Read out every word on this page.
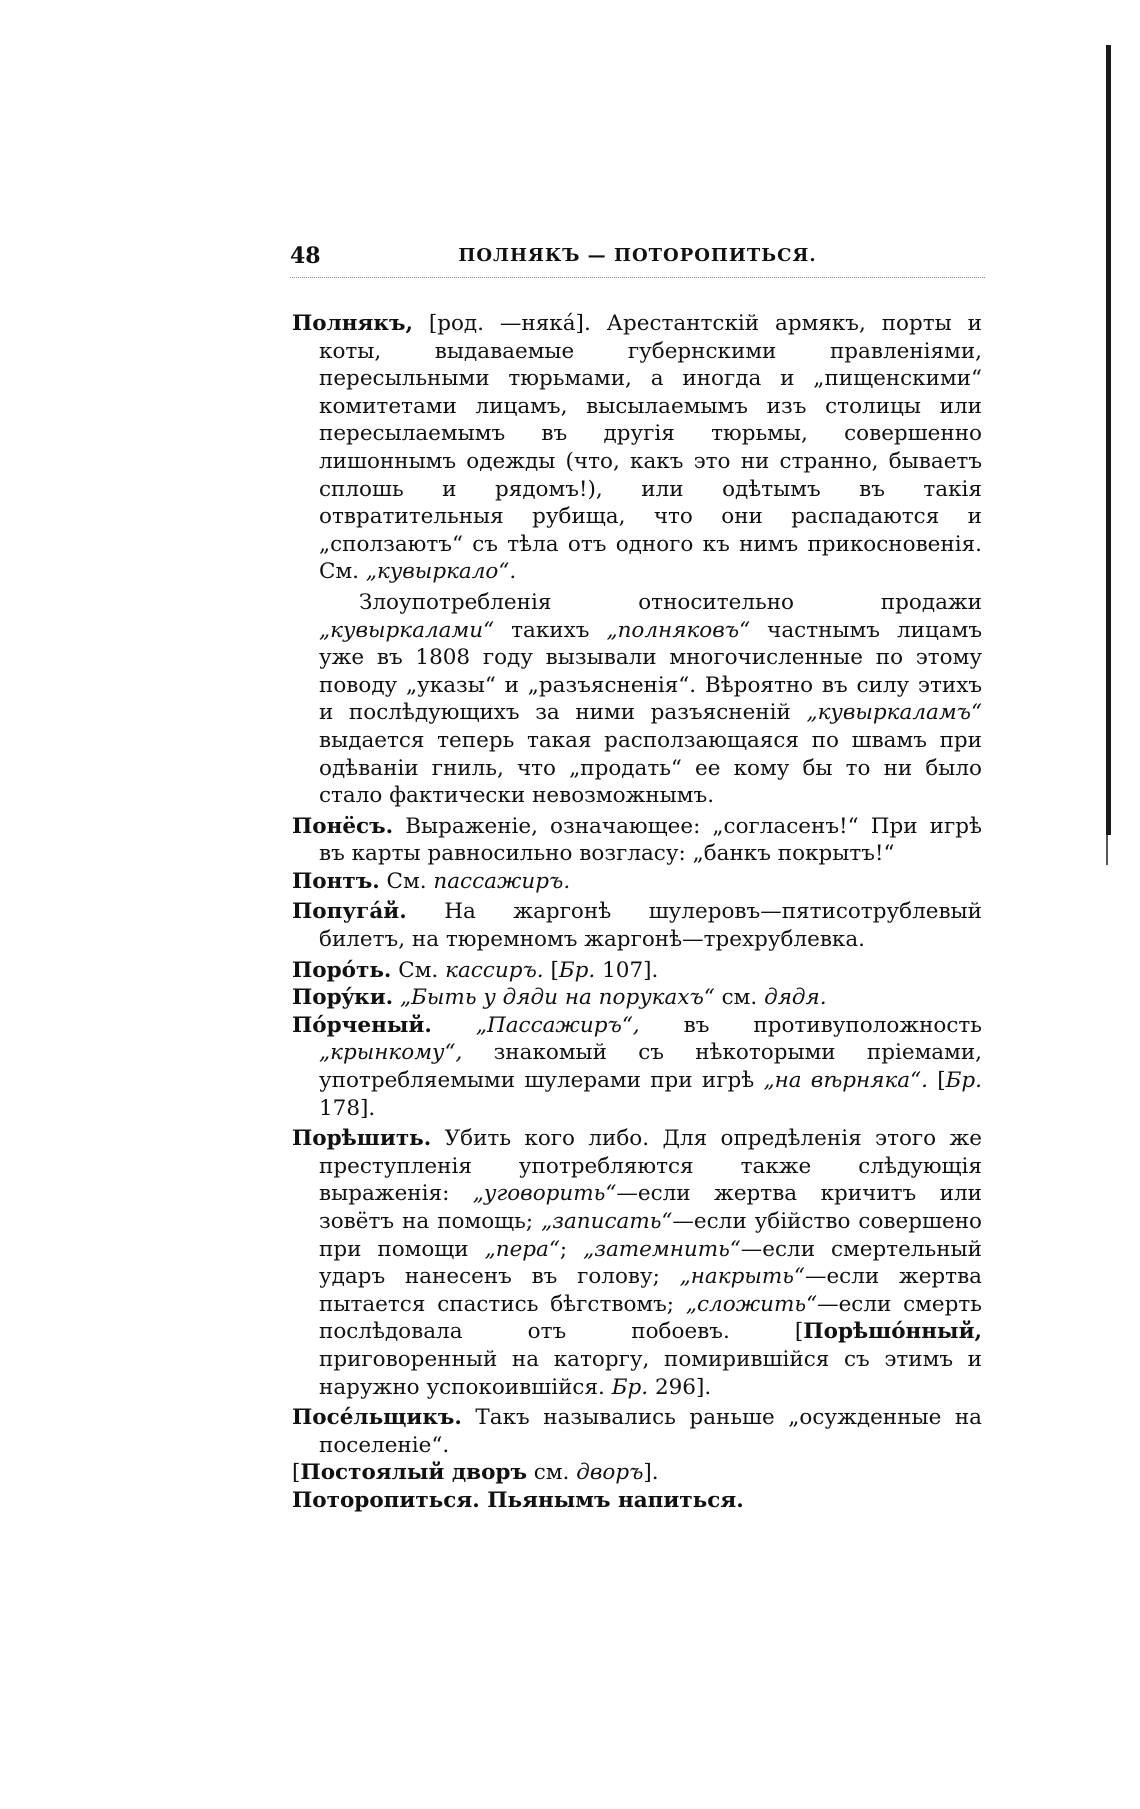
48	ПОЛНЯКЪ — ПОТОРОПИТЬСЯ.

Полнякъ, [род. —някá]. Арестантскій армякъ, порты и коты, выдаваемые губернскими правленіями, пересыльными тюрьмами, а иногда и „пищенскими“ комитетами лицамъ, высылаемымъ изъ столицы или пересылаемымъ въ другія тюрьмы, совершенно лишоннымъ одежды (что, какъ это ни странно, бываетъ сплошь и рядомъ!), или одѣтымъ въ такія отвратительныя рубища, что они распадаются и „сползаютъ“ съ тѣла отъ одного къ нимъ прикосновенія. См. „кувыркало“.

Злоупотребленія относительно продажи „кувыркалами“ такихъ „полняковъ“ частнымъ лицамъ уже въ 1808 году вызывали многочисленные по этому поводу „указы“ и „разъясненія“. Вѣроятно въ силу этихъ и послѣдующихъ за ними разъясненій „кувыркаламъ“ выдается теперь такая расползающаяся по швамъ при одѣваніи гниль, что „продать“ ее кому бы то ни было стало фактически невозможнымъ.

Понёсъ. Выраженіе, означающее: „согласенъ!“ При игрѣ въ карты равносильно возгласу: „банкъ покрытъ!“

Понтъ. См. пассажиръ.

Попугáй. На жаргонѣ шулеровъ—пятисотрублевый билетъ, на тюремномъ жаргонѣ—трехрублевка.

Порóть. См. кассиръ. [Бр. 107].

Порýки. „Быть у дяди на порукахъ“ см. дядя.

Пóрченый. „Пассажиръ“, въ противуположность „крынкому“, знакомый съ нѣкоторыми пріемами, употребляемыми шулерами при игрѣ „на вѣрняка“. [Бр. 178].

Порѣшить. Убить кого либо. Для опредѣленія этого же преступленія употребляются также слѣдующія выраженія: „уговорить“—если жертва кричитъ или зовётъ на помощь; „записать“—если убійство совершено при помощи „пера“; „затемнить“—если смертельный ударъ нанесенъ въ голову; „накрыть“—если жертва пытается спастись бѣгствомъ; „сложить“—если смерть послѣдовала отъ побоевъ. [Порѣшóнный, приговоренный на каторгу, помирившійся съ этимъ и наружно успокоившійся. Бр. 296].

Посéльщикъ. Такъ назывались раньше „осужденные на поселеніе“.

[Постоялый дворъ см. дворъ].

Потoропиться. Пьянымъ напиться.
